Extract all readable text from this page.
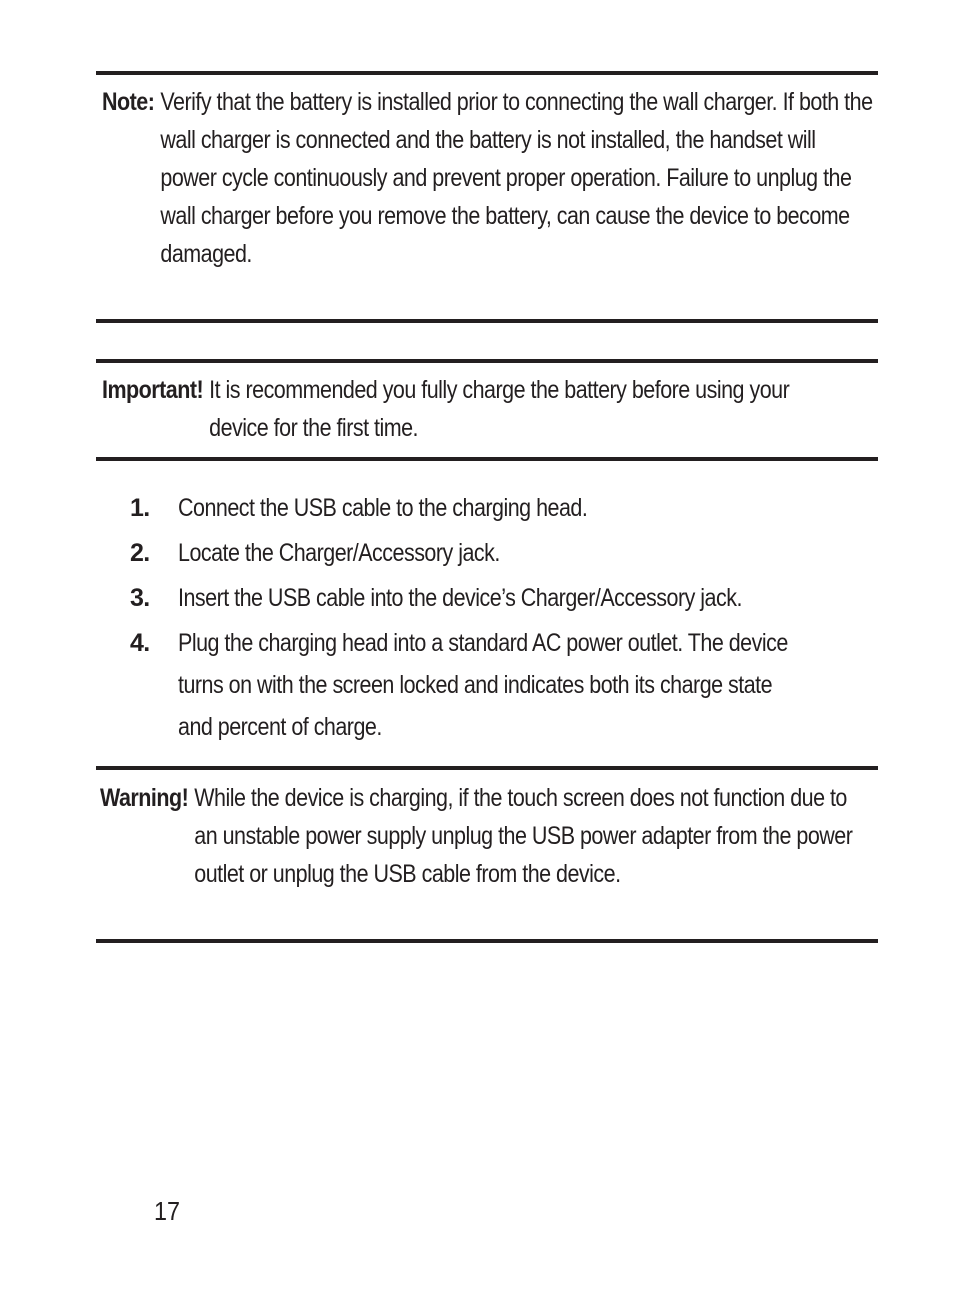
Note: Verify that the battery is installed prior to connecting the wall charger. If both the wall charger is connected and the battery is not installed, the handset will power cycle continuously and prevent proper operation. Failure to unplug the wall charger before you remove the battery, can cause the device to become damaged.
Important! It is recommended you fully charge the battery before using your device for the first time.
1.	Connect the USB cable to the charging head.
2.	Locate the Charger/Accessory jack.
3.	Insert the USB cable into the device’s Charger/Accessory jack.
4.	Plug the charging head into a standard AC power outlet. The device turns on with the screen locked and indicates both its charge state and percent of charge.
Warning! While the device is charging, if the touch screen does not function due to an unstable power supply unplug the USB power adapter from the power outlet or unplug the USB cable from the device.
17
